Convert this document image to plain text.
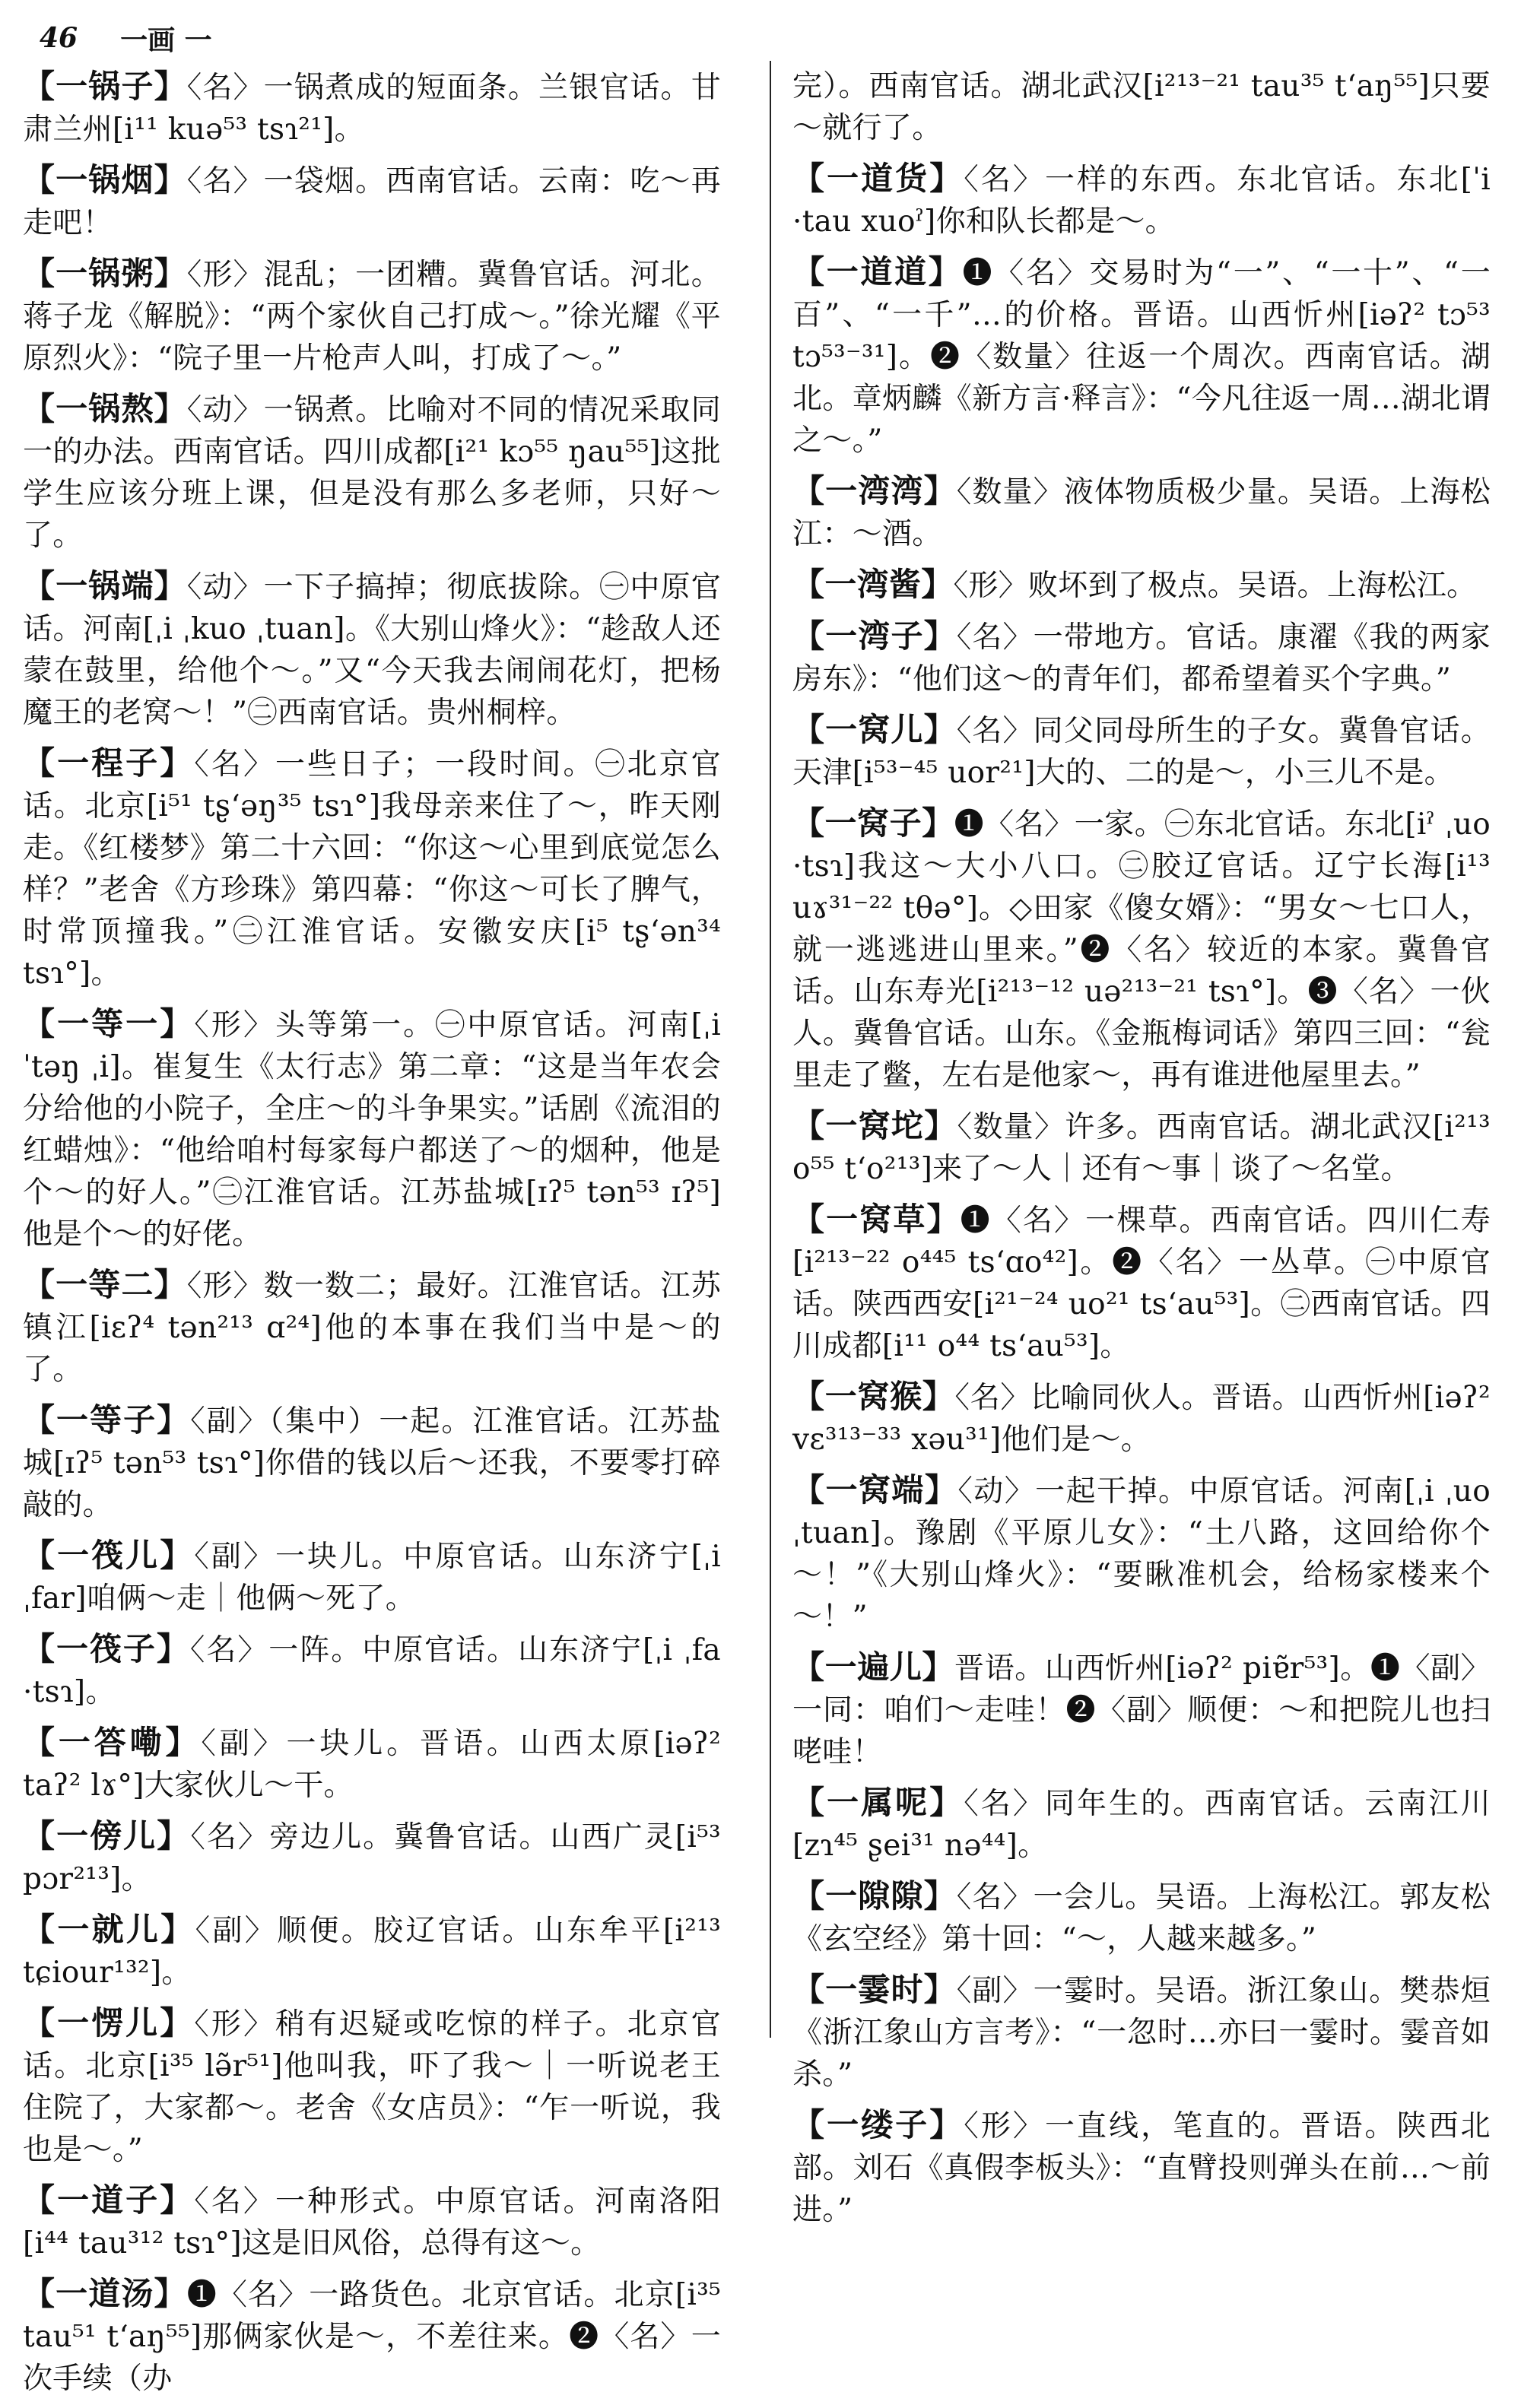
46 一画 一

【一锅子】〈名〉一锅煮成的短面条。兰银官话。甘肃兰州[i¹¹ kuə⁵³ tsɿ²¹]。

【一锅烟】〈名〉一袋烟。西南官话。云南：吃～再走吧！

【一锅粥】〈形〉混乱；一团糟。冀鲁官话。河北。蒋子龙《解脱》：“两个家伙自己打成～。”徐光耀《平原烈火》：“院子里一片枪声人叫，打成了～。”

【一锅熬】〈动〉一锅煮。比喻对不同的情况采取同一的办法。西南官话。四川成都[i²¹ kɔ⁵⁵ ŋau⁵⁵]这批学生应该分班上课，但是没有那么多老师，只好～了。

【一锅端】〈动〉一下子搞掉；彻底拔除。㊀中原官话。河南[ˌi ˌkuo ˌtuan]。《大别山烽火》：“趁敌人还蒙在鼓里，给他个～。”又“今天我去闹闹花灯，把杨魔王的老窝～！”㊁西南官话。贵州桐梓。

【一程子】〈名〉一些日子；一段时间。㊀北京官话。北京[i⁵¹ tʂʻəŋ³⁵ tsɿ°]我母亲来住了～，昨天刚走。《红楼梦》第二十六回：“你这～心里到底觉怎么样？”老舍《方珍珠》第四幕：“你这～可长了脾气，时常顶撞我。”㊁江淮官话。安徽安庆[i⁵ tʂʻən³⁴ tsɿ°]。

【一等一】〈形〉头等第一。㊀中原官话。河南[ˌi ˈtəŋ ˌi]。崔复生《太行志》第二章：“这是当年农会分给他的小院子，全庄～的斗争果实。”话剧《流泪的红蜡烛》：“他给咱村每家每户都送了～的烟种，他是个～的好人。”㊁江淮官话。江苏盐城[ɪʔ⁵ tən⁵³ ɪʔ⁵]他是个～的好佬。

【一等二】〈形〉数一数二；最好。江淮官话。江苏镇江[iɛʔ⁴ tən²¹³ ɑ²⁴]他的本事在我们当中是～的了。

【一等子】〈副〉（集中）一起。江淮官话。江苏盐城[ɪʔ⁵ tən⁵³ tsɿ°]你借的钱以后～还我，不要零打碎敲的。

【一筏儿】〈副〉一块儿。中原官话。山东济宁[ˌi ˌfar]咱俩～走｜他俩～死了。

【一筏子】〈名〉一阵。中原官话。山东济宁[ˌi ˌfa ·tsɿ]。

【一答嘞】〈副〉一块儿。晋语。山西太原[iəʔ² taʔ² lɤ°]大家伙儿～干。

【一傍儿】〈名〉旁边儿。冀鲁官话。山西广灵[i⁵³ pɔr²¹³]。

【一就儿】〈副〉顺便。胶辽官话。山东牟平[i²¹³ tɕiour¹³²]。

【一愣儿】〈形〉稍有迟疑或吃惊的样子。北京官话。北京[i³⁵ lə̃r⁵¹]他叫我，吓了我～｜一听说老王住院了，大家都～。老舍《女店员》：“乍一听说，我也是～。”

【一道子】〈名〉一种形式。中原官话。河南洛阳[i⁴⁴ tau³¹² tsɿ°]这是旧风俗，总得有这～。

【一道汤】❶〈名〉一路货色。北京官话。北京[i³⁵ tau⁵¹ tʻaŋ⁵⁵]那俩家伙是～，不差往来。❷〈名〉一次手续（办

完）。西南官话。湖北武汉[i²¹³⁻²¹ tau³⁵ tʻaŋ⁵⁵]只要～就行了。

【一道货】〈名〉一样的东西。东北官话。东北[ˈi ·tau xuoˀ]你和队长都是～。

【一道道】❶〈名〉交易时为“一”、“一十”、“一百”、“一千”…的价格。晋语。山西忻州[iəʔ² tɔ⁵³ tɔ⁵³⁻³¹]。❷〈数量〉往返一个周次。西南官话。湖北。章炳麟《新方言·释言》：“今凡往返一周…湖北谓之～。”

【一湾湾】〈数量〉液体物质极少量。吴语。上海松江：～酒。

【一湾酱】〈形〉败坏到了极点。吴语。上海松江。

【一湾子】〈名〉一带地方。官话。康濯《我的两家房东》：“他们这～的青年们，都希望着买个字典。”

【一窝儿】〈名〉同父同母所生的子女。冀鲁官话。天津[i⁵³⁻⁴⁵ uor²¹]大的、二的是～，小三儿不是。

【一窝子】❶〈名〉一家。㊀东北官话。东北[iˀ ˌuo ·tsɿ]我这～大小八口。㊁胶辽官话。辽宁长海[i¹³ uɤ³¹⁻²² tθə°]。◇田家《傻女婿》：“男女～七口人，就一逃逃进山里来。”❷〈名〉较近的本家。冀鲁官话。山东寿光[i²¹³⁻¹² uə²¹³⁻²¹ tsɿ°]。❸〈名〉一伙人。冀鲁官话。山东。《金瓶梅词话》第四三回：“瓮里走了鳖，左右是他家～，再有谁进他屋里去。”

【一窝坨】〈数量〉许多。西南官话。湖北武汉[i²¹³ o⁵⁵ tʻo²¹³]来了～人｜还有～事｜谈了～名堂。

【一窝草】❶〈名〉一棵草。西南官话。四川仁寿[i²¹³⁻²² o⁴⁴⁵ tsʻɑo⁴²]。❷〈名〉一丛草。㊀中原官话。陕西西安[i²¹⁻²⁴ uo²¹ tsʻau⁵³]。㊁西南官话。四川成都[i¹¹ o⁴⁴ tsʻau⁵³]。

【一窝猴】〈名〉比喻同伙人。晋语。山西忻州[iəʔ² vɛ³¹³⁻³³ xəu³¹]他们是～。

【一窝端】〈动〉一起干掉。中原官话。河南[ˌi ˌuo ˌtuan]。豫剧《平原儿女》：“土八路，这回给你个～！”《大别山烽火》：“要瞅准机会，给杨家楼来个～！”

【一遍儿】晋语。山西忻州[iəʔ² piɐ̃r⁵³]。❶〈副〉一同：咱们～走哇！❷〈副〉顺便：～和把院儿也扫咾哇！

【一属呢】〈名〉同年生的。西南官话。云南江川[zɿ⁴⁵ ʂei³¹ nə⁴⁴]。

【一隙隙】〈名〉一会儿。吴语。上海松江。郭友松《玄空经》第十回：“～，人越来越多。”

【一霎时】〈副〉一霎时。吴语。浙江象山。樊恭烜《浙江象山方言考》：“一忽时…亦曰一霎时。霎音如杀。”

【一缕子】〈形〉一直线，笔直的。晋语。陕西北部。刘石《真假李板头》：“直臂投则弹头在前…～前进。”
